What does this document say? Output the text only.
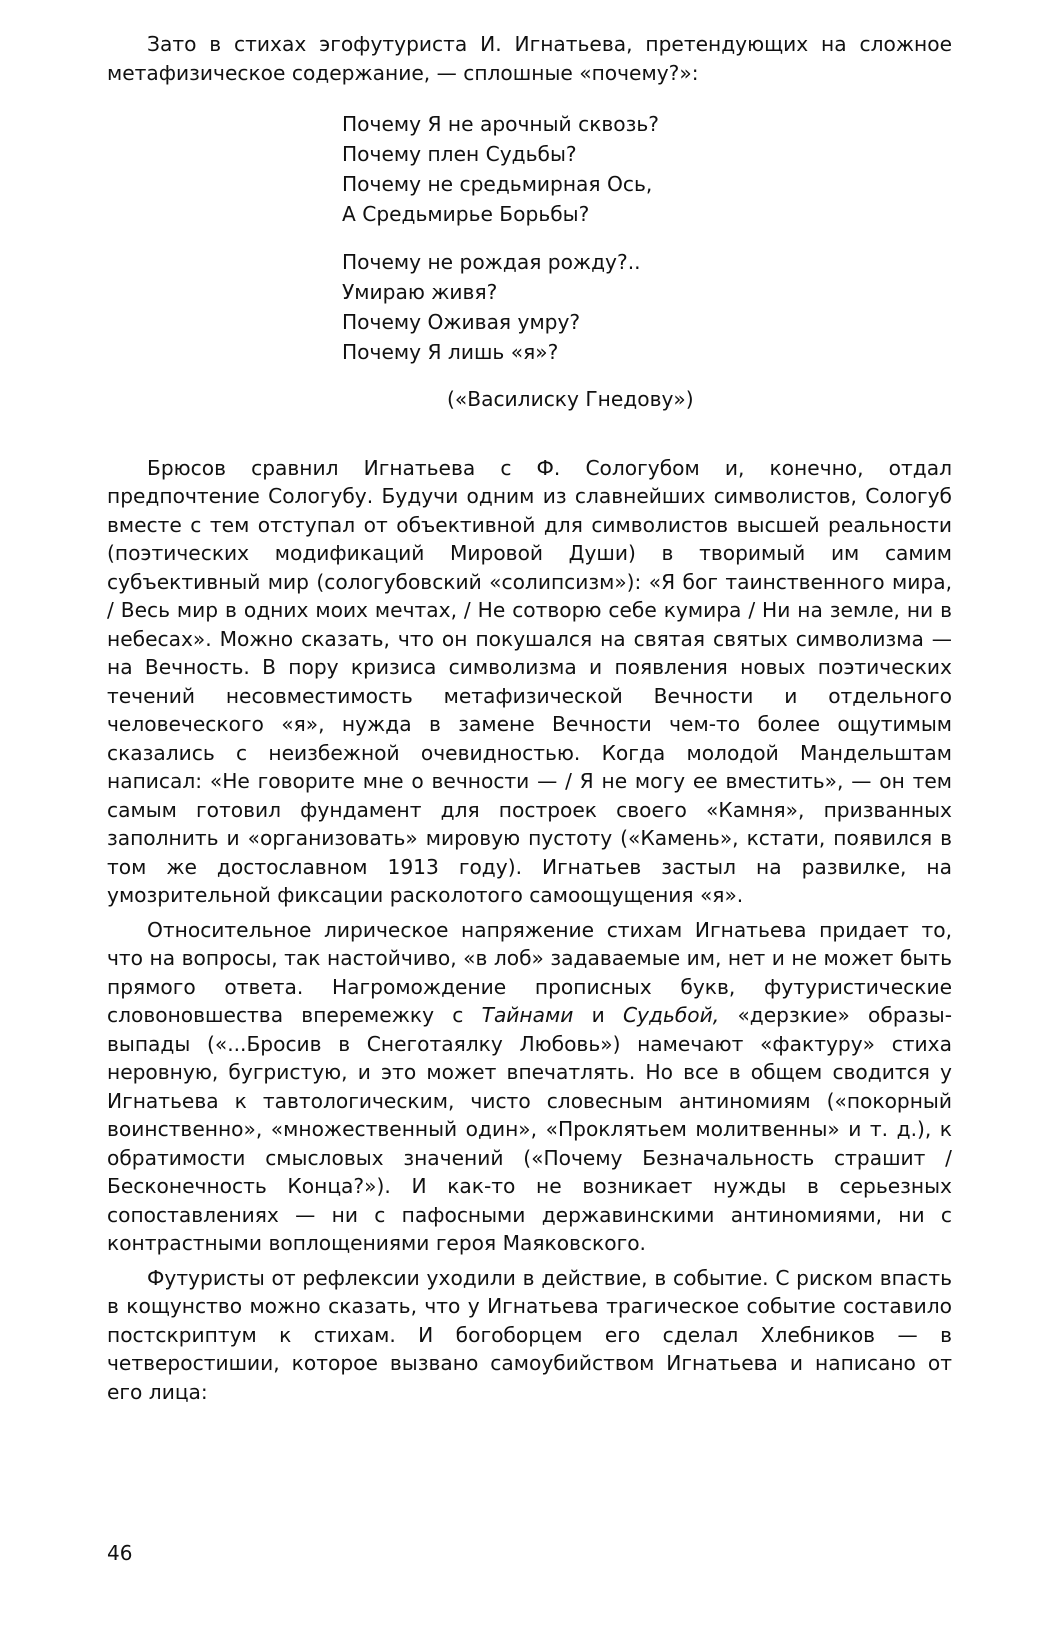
Зато в стихах эгофутуриста И. Игнатьева, претендующих на сложное метафизическое содержание, — сплошные «почему?»:

Почему Я не арочный сквозь?
Почему плен Судьбы?
Почему не средьмирная Ось,
А Средьмирье Борьбы?
Почему не рождая рожду?..
Умираю живя?
Почему Оживая умру?
Почему Я лишь «я»?
(«Василиску Гнедову»)

Брюсов сравнил Игнатьева с Ф. Сологубом и, конечно, отдал предпочтение Сологубу. Будучи одним из славнейших символистов, Сологуб вместе с тем отступал от объективной для символистов высшей реальности (поэтических модификаций Мировой Души) в творимый им самим субъективный мир (сологубовский «солипсизм»): «Я бог таинственного мира, / Весь мир в одних моих мечтах, / Не сотворю себе кумира / Ни на земле, ни в небесах». Можно сказать, что он покушался на святая святых символизма — на Вечность. В пору кризиса символизма и появления новых поэтических течений несовместимость метафизической Вечности и отдельного человеческого «я», нужда в замене Вечности чем-то более ощутимым сказались с неизбежной очевидностью. Когда молодой Мандельштам написал: «Не говорите мне о вечности — / Я не могу ее вместить», — он тем самым готовил фундамент для построек своего «Камня», призванных заполнить и «организовать» мировую пустоту («Камень», кстати, появился в том же достославном 1913 году). Игнатьев застыл на развилке, на умозрительной фиксации расколотого самоощущения «я».

Относительное лирическое напряжение стихам Игнатьева придает то, что на вопросы, так настойчиво, «в лоб» задаваемые им, нет и не может быть прямого ответа. Нагромождение прописных букв, футуристические словоновшества вперемежку с Тайнами и Судьбой, «дерзкие» образы-выпады («...Бросив в Снеготаялку Любовь») намечают «фактуру» стиха неровную, бугристую, и это может впечатлять. Но все в общем сводится у Игнатьева к тавтологическим, чисто словесным антиномиям («покорный воинственно», «множественный один», «Проклятьем молитвенны» и т. д.), к обратимости смысловых значений («Почему Безначальность страшит / Бесконечность Конца?»). И как-то не возникает нужды в серьезных сопоставлениях — ни с пафосными державинскими антиномиями, ни с контрастными воплощениями героя Маяковского.

Футуристы от рефлексии уходили в действие, в событие. С риском впасть в кощунство можно сказать, что у Игнатьева трагическое событие составило постскриптум к стихам. И богоборцем его сделал Хлебников — в четверостишии, которое вызвано самоубийством Игнатьева и написано от его лица:

46
